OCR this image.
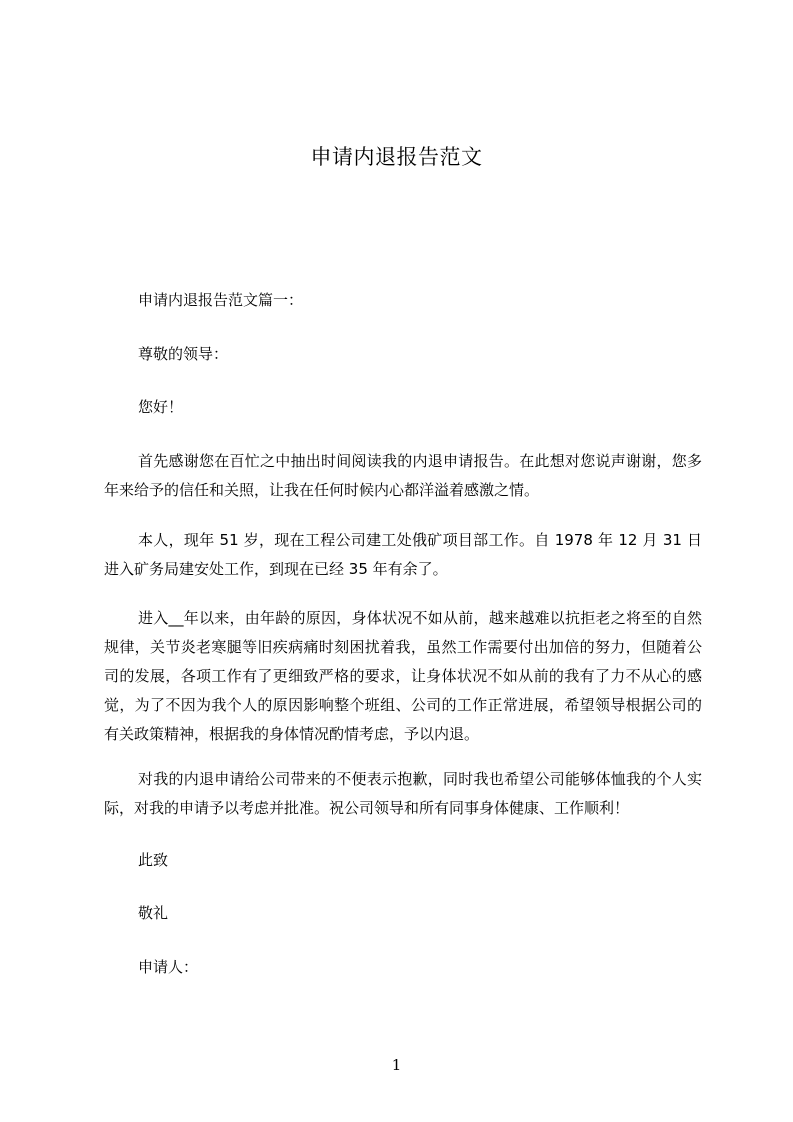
申请内退报告范文
申请内退报告范文篇一：
尊敬的领导：
您好！

首先感谢您在百忙之中抽出时间阅读我的内退申请报告。在此想对您说声谢谢，您多年来给予的信任和关照，让我在任何时候内心都洋溢着感激之情。

本人，现年 51 岁，现在工程公司建工处俄矿项目部工作。自 1978 年 12 月 31 日进入矿务局建安处工作，到现在已经 35 年有余了。

进入__年以来，由年龄的原因，身体状况不如从前，越来越难以抗拒老之将至的自然规律，关节炎老寒腿等旧疾病痛时刻困扰着我，虽然工作需要付出加倍的努力，但随着公司的发展，各项工作有了更细致严格的要求，让身体状况不如从前的我有了力不从心的感觉，为了不因为我个人的原因影响整个班组、公司的工作正常进展，希望领导根据公司的有关政策精神，根据我的身体情况酌情考虑，予以内退。

对我的内退申请给公司带来的不便表示抱歉，同时我也希望公司能够体恤我的个人实际，对我的申请予以考虑并批准。祝公司领导和所有同事身体健康、工作顺利！

此致
敬礼
申请人：
1
